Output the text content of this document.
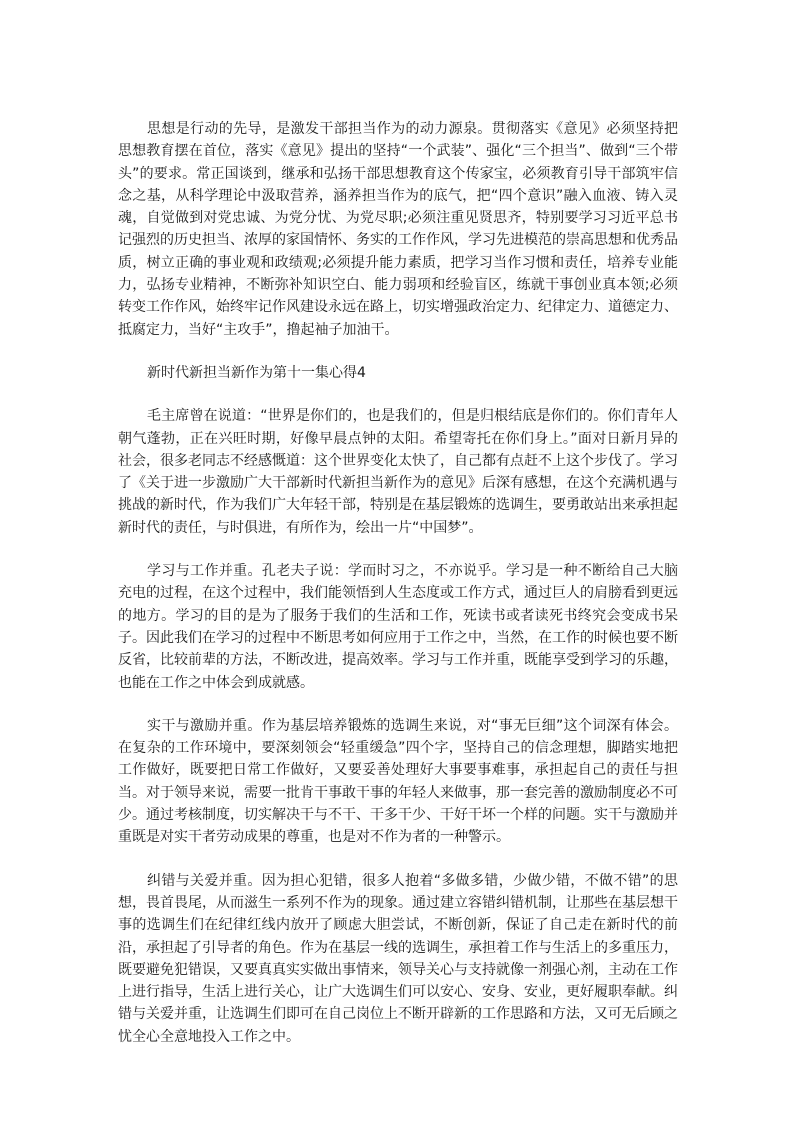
思想是行动的先导，是激发干部担当作为的动力源泉。贯彻落实《意见》必须坚持把思想教育摆在首位，落实《意见》提出的坚持“一个武装”、强化“三个担当”、做到“三个带头”的要求。常正国谈到，继承和弘扬干部思想教育这个传家宝，必须教育引导干部筑牢信念之基，从科学理论中汲取营养，涵养担当作为的底气，把“四个意识”融入血液、铸入灵魂，自觉做到对党忠诚、为党分忧、为党尽职;必须注重见贤思齐，特别要学习习近平总书记强烈的历史担当、浓厚的家国情怀、务实的工作作风，学习先进模范的崇高思想和优秀品质，树立正确的事业观和政绩观;必须提升能力素质，把学习当作习惯和责任，培养专业能力，弘扬专业精神，不断弥补知识空白、能力弱项和经验盲区，练就干事创业真本领;必须转变工作作风，始终牢记作风建设永远在路上，切实增强政治定力、纪律定力、道德定力、抵腐定力，当好“主攻手”，撸起袖子加油干。

新时代新担当新作为第十一集心得4

毛主席曾在说道：“世界是你们的，也是我们的，但是归根结底是你们的。你们青年人朝气蓬勃，正在兴旺时期，好像早晨点钟的太阳。希望寄托在你们身上。”面对日新月异的社会，很多老同志不经感慨道：这个世界变化太快了，自己都有点赶不上这个步伐了。学习了《关于进一步激励广大干部新时代新担当新作为的意见》后深有感想，在这个充满机遇与挑战的新时代，作为我们广大年轻干部，特别是在基层锻炼的选调生，要勇敢站出来承担起新时代的责任，与时俱进，有所作为，绘出一片“中国梦”。

学习与工作并重。孔老夫子说：学而时习之，不亦说乎。学习是一种不断给自己大脑充电的过程，在这个过程中，我们能领悟到人生态度或工作方式，通过巨人的肩膀看到更远的地方。学习的目的是为了服务于我们的生活和工作，死读书或者读死书终究会变成书呆子。因此我们在学习的过程中不断思考如何应用于工作之中，当然，在工作的时候也要不断反省，比较前辈的方法，不断改进，提高效率。学习与工作并重，既能享受到学习的乐趣，也能在工作之中体会到成就感。

实干与激励并重。作为基层培养锻炼的选调生来说，对“事无巨细”这个词深有体会。在复杂的工作环境中，要深刻领会“轻重缓急”四个字，坚持自己的信念理想，脚踏实地把工作做好，既要把日常工作做好，又要妥善处理好大事要事难事，承担起自己的责任与担当。对于领导来说，需要一批肯干事敢干事的年轻人来做事，那一套完善的激励制度必不可少。通过考核制度，切实解决干与不干、干多干少、干好干坏一个样的问题。实干与激励并重既是对实干者劳动成果的尊重，也是对不作为者的一种警示。

纠错与关爱并重。因为担心犯错，很多人抱着“多做多错，少做少错，不做不错”的思想，畏首畏尾，从而滋生一系列不作为的现象。通过建立容错纠错机制，让那些在基层想干事的选调生们在纪律红线内放开了顾虑大胆尝试，不断创新，保证了自己走在新时代的前沿，承担起了引导者的角色。作为在基层一线的选调生，承担着工作与生活上的多重压力，既要避免犯错误，又要真真实实做出事情来，领导关心与支持就像一剂强心剂，主动在工作上进行指导，生活上进行关心，让广大选调生们可以安心、安身、安业，更好履职奉献。纠错与关爱并重，让选调生们即可在自己岗位上不断开辟新的工作思路和方法，又可无后顾之忧全心全意地投入工作之中。
